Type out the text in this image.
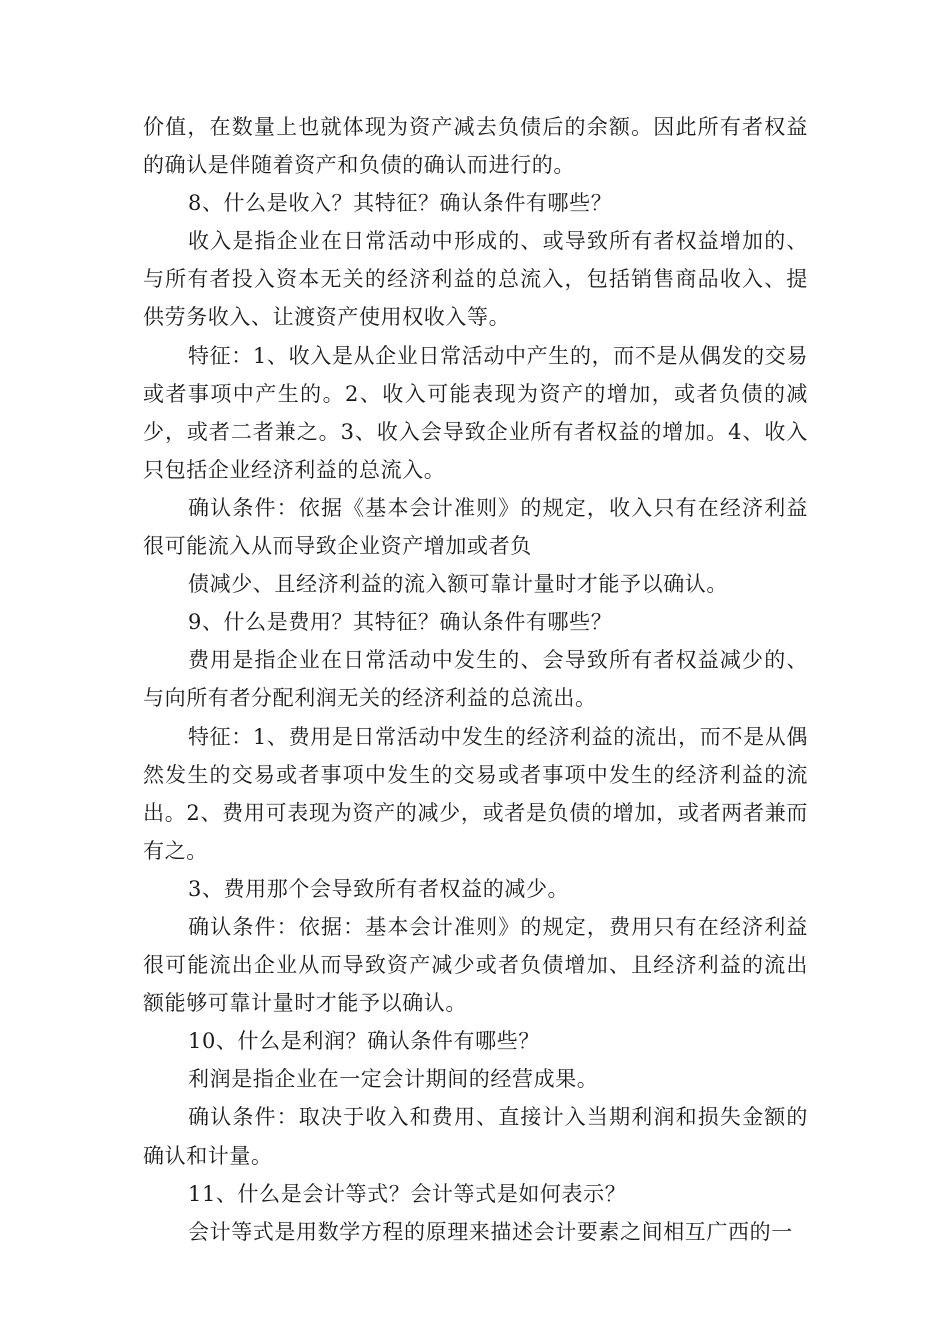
价值，在数量上也就体现为资产减去负债后的余额。因此所有者权益的确认是伴随着资产和负债的确认而进行的。

8、什么是收入？其特征？确认条件有哪些？

收入是指企业在日常活动中形成的、或导致所有者权益增加的、与所有者投入资本无关的经济利益的总流入，包括销售商品收入、提供劳务收入、让渡资产使用权收入等。

特征：1、收入是从企业日常活动中产生的，而不是从偶发的交易或者事项中产生的。2、收入可能表现为资产的增加，或者负债的减少，或者二者兼之。3、收入会导致企业所有者权益的增加。4、收入只包括企业经济利益的总流入。

确认条件：依据《基本会计准则》的规定，收入只有在经济利益很可能流入从而导致企业资产增加或者负

债减少、且经济利益的流入额可靠计量时才能予以确认。

9、什么是费用？其特征？确认条件有哪些？

费用是指企业在日常活动中发生的、会导致所有者权益减少的、与向所有者分配利润无关的经济利益的总流出。

特征：1、费用是日常活动中发生的经济利益的流出，而不是从偶然发生的交易或者事项中发生的交易或者事项中发生的经济利益的流出。2、费用可表现为资产的减少，或者是负债的增加，或者两者兼而有之。

3、费用那个会导致所有者权益的减少。

确认条件：依据：基本会计准则》的规定，费用只有在经济利益很可能流出企业从而导致资产减少或者负债增加、且经济利益的流出额能够可靠计量时才能予以确认。

10、什么是利润？确认条件有哪些？

利润是指企业在一定会计期间的经营成果。

确认条件：取决于收入和费用、直接计入当期利润和损失金额的确认和计量。

11、什么是会计等式？会计等式是如何表示？

会计等式是用数学方程的原理来描述会计要素之间相互广西的一
